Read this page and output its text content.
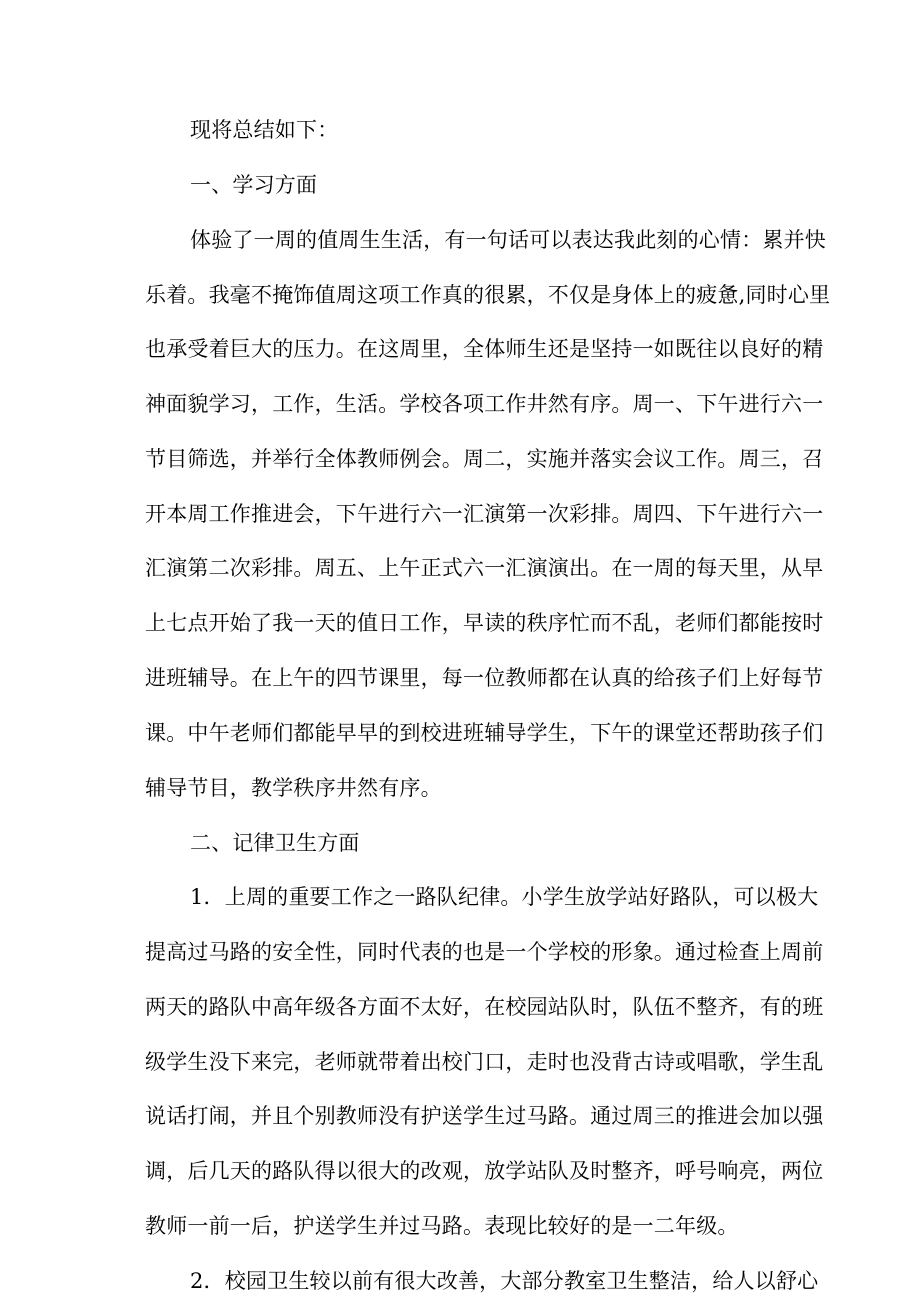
现将总结如下：
一、学习方面
体验了一周的值周生生活，有一句话可以表达我此刻的心情：累并快
乐着。我毫不掩饰值周这项工作真的很累，不仅是身体上的疲惫,同时心里
也承受着巨大的压力。在这周里，全体师生还是坚持一如既往以良好的精
神面貌学习，工作，生活。学校各项工作井然有序。周一、下午进行六一
节目筛选，并举行全体教师例会。周二，实施并落实会议工作。周三，召
开本周工作推进会，下午进行六一汇演第一次彩排。周四、下午进行六一
汇演第二次彩排。周五、上午正式六一汇演演出。在一周的每天里，从早
上七点开始了我一天的值日工作，早读的秩序忙而不乱，老师们都能按时
进班辅导。在上午的四节课里，每一位教师都在认真的给孩子们上好每节
课。中午老师们都能早早的到校进班辅导学生，下午的课堂还帮助孩子们
辅导节目，教学秩序井然有序。
二、记律卫生方面
1．上周的重要工作之一路队纪律。小学生放学站好路队，可以极大
提高过马路的安全性，同时代表的也是一个学校的形象。通过检查上周前
两天的路队中高年级各方面不太好，在校园站队时，队伍不整齐，有的班
级学生没下来完，老师就带着出校门口，走时也没背古诗或唱歌，学生乱
说话打闹，并且个别教师没有护送学生过马路。通过周三的推进会加以强
调，后几天的路队得以很大的改观，放学站队及时整齐，呼号响亮，两位
教师一前一后，护送学生并过马路。表现比较好的是一二年级。
2．校园卫生较以前有很大改善，大部分教室卫生整洁，给人以舒心
